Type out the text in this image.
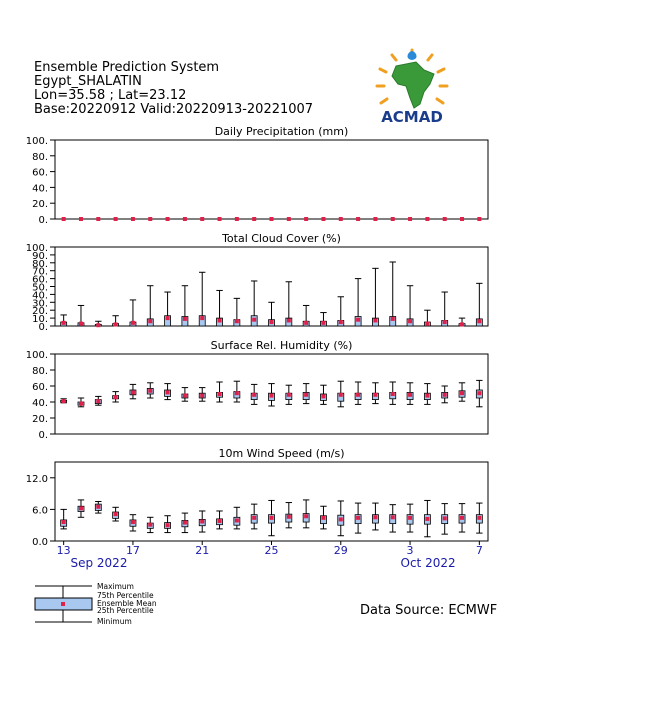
Ensemble Prediction System
Egypt_SHALATIN
Lon=35.58 ; Lat=23.12
Base:20220912 Valid:20220913-20221007	ACMAD
Daily Precipitation (mm)
0.
20.
40.
60.
80.
100.
Total Cloud Cover (%)
0.
10.
20.
30.
40.
50.
60.
70.
80.
90.
100.
Surface Rel. Humidity (%)
0.
20.
40.
60.
80.
100.
10m Wind Speed (m/s)
0.0
6.0
12.0
13	17	21	25	29	3	7
Sep 2022	Oct 2022
Maximum
75th Percentile
Ensemble Mean
25th Percentile
Minimum
Data Source: ECMWF
